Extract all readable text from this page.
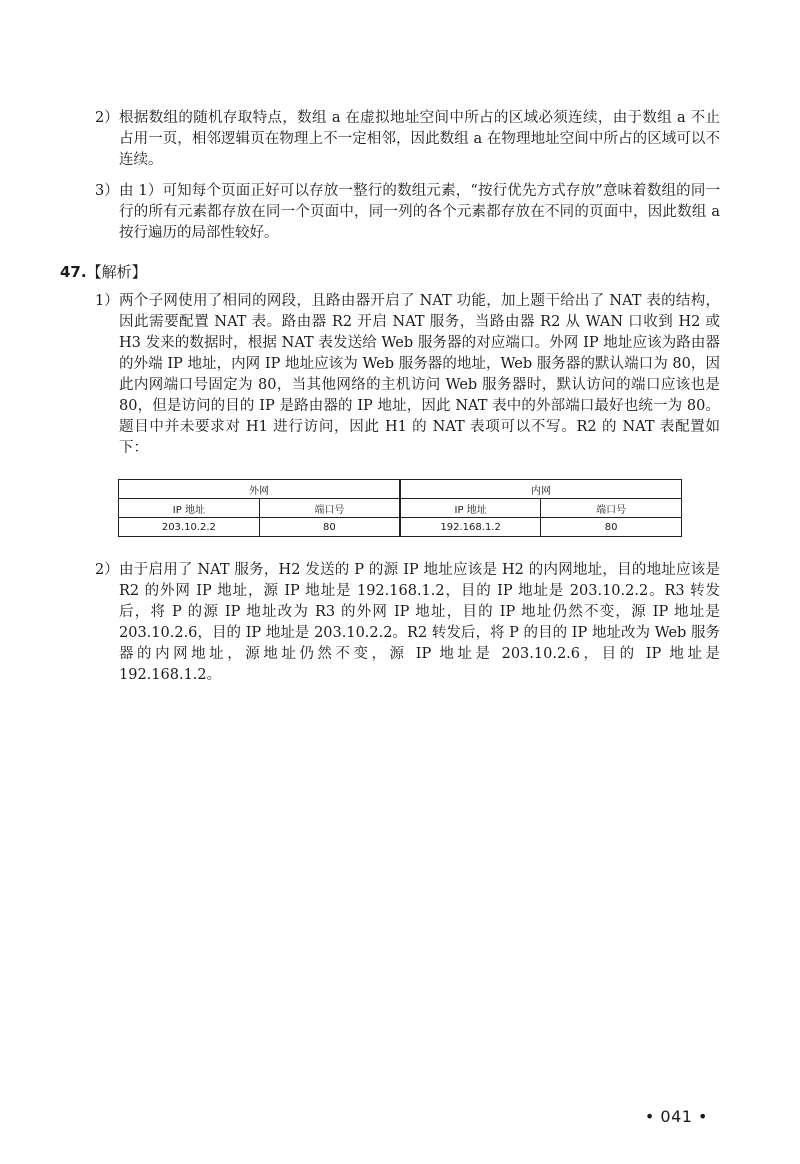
2） 根据数组的随机存取特点，数组 a 在虚拟地址空间中所占的区域必须连续，由于数组 a 不止占用一页，相邻逻辑页在物理上不一定相邻，因此数组 a 在物理地址空间中所占的区域可以不连续。
3） 由 1）可知每个页面正好可以存放一整行的数组元素，“按行优先方式存放”意味着数组的同一行的所有元素都存放在同一个页面中，同一列的各个元素都存放在不同的页面中，因此数组 a 按行遍历的局部性较好。
47.【解析】
1） 两个子网使用了相同的网段，且路由器开启了 NAT 功能，加上题干给出了 NAT 表的结构，因此需要配置 NAT 表。路由器 R2 开启 NAT 服务，当路由器 R2 从 WAN 口收到 H2 或 H3 发来的数据时，根据 NAT 表发送给 Web 服务器的对应端口。外网 IP 地址应该为路由器的外端 IP 地址，内网 IP 地址应该为 Web 服务器的地址，Web 服务器的默认端口为 80，因此内网端口号固定为 80，当其他网络的主机访问 Web 服务器时，默认访问的端口应该也是 80，但是访问的目的 IP 是路由器的 IP 地址，因此 NAT 表中的外部端口最好也统一为 80。题目中并未要求对 H1 进行访问，因此 H1 的 NAT 表项可以不写。R2 的 NAT 表配置如下：
外网		内网	
IP 地址	端口号	IP 地址	端口号
203.10.2.2	80	192.168.1.2	80
2） 由于启用了 NAT 服务，H2 发送的 P 的源 IP 地址应该是 H2 的内网地址，目的地址应该是 R2 的外网 IP 地址，源 IP 地址是 192.168.1.2，目的 IP 地址是 203.10.2.2。R3 转发后，将 P 的源 IP 地址改为 R3 的外网 IP 地址，目的 IP 地址仍然不变，源 IP 地址是 203.10.2.6，目的 IP 地址是 203.10.2.2。R2 转发后，将 P 的目的 IP 地址改为 Web 服务器的内网地址，源地址仍然不变，源 IP 地址是 203.10.2.6，目的 IP 地址是 192.168.1.2。
• 041 •
